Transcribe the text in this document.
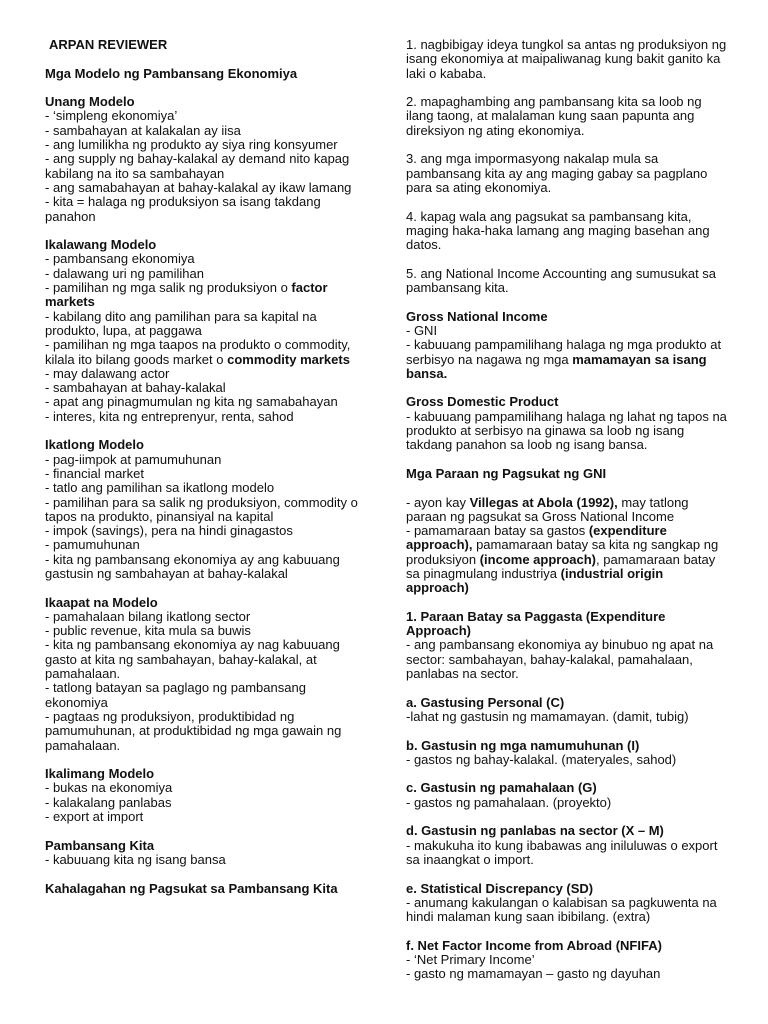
ARPAN REVIEWER

Mga Modelo ng Pambansang Ekonomiya

Unang Modelo

- ‘simpleng ekonomiya’

- sambahayan at kalakalan ay iisa

- ang lumilikha ng produkto ay siya ring konsyumer

- ang supply ng bahay-kalakal ay demand nito kapag kabilang na ito sa sambahayan

- ang samabahayan at bahay-kalakal ay ikaw lamang

- kita = halaga ng produksiyon sa isang takdang panahon

Ikalawang Modelo

- pambansang ekonomiya

- dalawang uri ng pamilihan

- pamilihan ng mga salik ng produksiyon o factor markets

- kabilang dito ang pamilihan para sa kapital na produkto, lupa, at paggawa

- pamilihan ng mga taapos na produkto o commodity, kilala ito bilang goods market o commodity markets

- may dalawang actor

- sambahayan at bahay-kalakal

- apat ang pinagmumulan ng kita ng samabahayan

- interes, kita ng entreprenyur, renta, sahod

Ikatlong Modelo

- pag-iimpok at pamumuhunan

- financial market

- tatlo ang pamilihan sa ikatlong modelo

- pamilihan para sa salik ng produksiyon, commodity o tapos na produkto, pinansiyal na kapital

- impok (savings), pera na hindi ginagastos

- pamumuhunan

- kita ng pambansang ekonomiya ay ang kabuuang gastusin ng sambahayan at bahay-kalakal

Ikaapat na Modelo

- pamahalaan bilang ikatlong sector

- public revenue, kita mula sa buwis

- kita ng pambansang ekonomiya ay nag kabuuang gasto at kita ng sambahayan, bahay-kalakal, at pamahalaan.

- tatlong batayan sa paglago ng pambansang ekonomiya

- pagtaas ng produksiyon, produktibidad ng pamumuhunan, at produktibidad ng mga gawain ng pamahalaan.

Ikalimang Modelo

- bukas na ekonomiya

- kalakalang panlabas

- export at import

Pambansang Kita

- kabuuang kita ng isang bansa

Kahalagahan ng Pagsukat sa Pambansang Kita

1. nagbibigay ideya tungkol sa antas ng produksiyon ng isang ekonomiya at maipaliwanag kung bakit ganito ka laki o kababa.

2. mapaghambing ang pambansang kita sa loob ng ilang taong, at malalaman kung saan papunta ang direksiyon ng ating ekonomiya.

3. ang mga impormasyong nakalap mula sa pambansang kita ay ang maging gabay sa pagplano para sa ating ekonomiya.

4. kapag wala ang pagsukat sa pambansang kita, maging haka-haka lamang ang maging basehan ang datos.

5. ang National Income Accounting ang sumusukat sa pambansang kita.

Gross National Income

- GNI

- kabuuang pampamilihang halaga ng mga produkto at serbisyo na nagawa ng mga mamamayan sa isang bansa.

Gross Domestic Product

- kabuuang pampamilihang halaga ng lahat ng tapos na produkto at serbisyo na ginawa sa loob ng isang takdang panahon sa loob ng isang bansa.

Mga Paraan ng Pagsukat ng GNI

- ayon kay Villegas at Abola (1992), may tatlong paraan ng pagsukat sa Gross National Income

- pamamaraan batay sa gastos (expenditure approach), pamamaraan batay sa kita ng sangkap ng produksiyon (income approach), pamamaraan batay sa pinagmulang industriya (industrial origin approach)

1. Paraan Batay sa Paggasta (Expenditure Approach)

- ang pambansang ekonomiya ay binubuo ng apat na sector: sambahayan, bahay-kalakal, pamahalaan, panlabas na sector.

a. Gastusing Personal (C)

-lahat ng gastusin ng mamamayan. (damit, tubig)

b. Gastusin ng mga namumuhunan (I)

- gastos ng bahay-kalakal. (materyales, sahod)

c. Gastusin ng pamahalaan (G)

- gastos ng pamahalaan. (proyekto)

d. Gastusin ng panlabas na sector (X – M)

- makukuha ito kung ibabawas ang iniluluwas o export sa inaangkat o import.

e. Statistical Discrepancy (SD)

- anumang kakulangan o kalabisan sa pagkuwenta na hindi malaman kung saan ibibilang. (extra)

f. Net Factor Income from Abroad (NFIFA)

- ‘Net Primary Income’

- gasto ng mamamayan – gasto ng dayuhan
